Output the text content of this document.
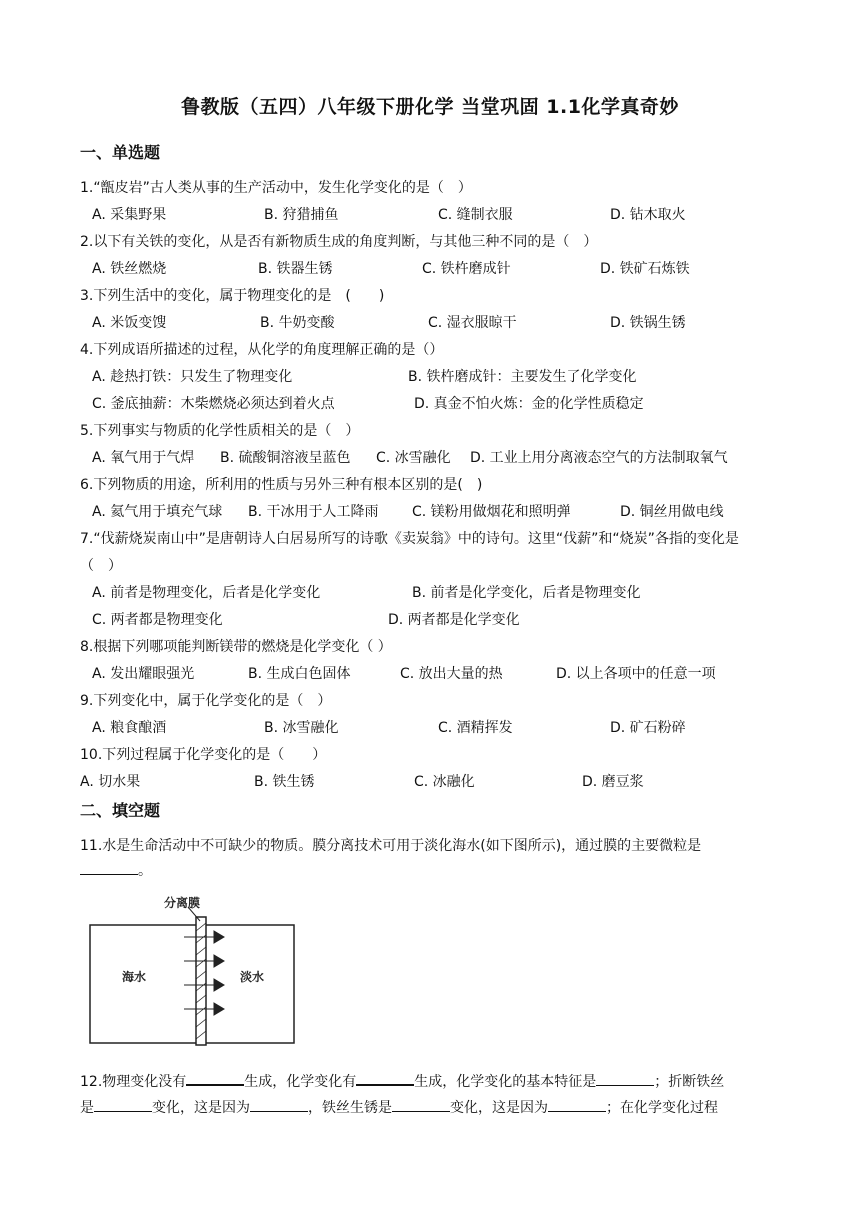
鲁教版（五四）八年级下册化学 当堂巩固 1.1化学真奇妙
一、单选题
1.“甑皮岩”古人类从事的生产活动中，发生化学变化的是（　）
A. 采集野果	B. 狩猎捕鱼	C. 缝制衣服	D. 钻木取火
2.以下有关铁的变化，从是否有新物质生成的角度判断，与其他三种不同的是（　）
A. 铁丝燃烧	B. 铁器生锈	C. 铁杵磨成针	D. 铁矿石炼铁
3.下列生活中的变化，属于物理变化的是　(　　)
A. 米饭变馊	B. 牛奶变酸	C. 湿衣服晾干	D. 铁锅生锈
4.下列成语所描述的过程，从化学的角度理解正确的是（）
A. 趁热打铁：只发生了物理变化	B. 铁杵磨成针：主要发生了化学变化
C. 釜底抽薪：木柴燃烧必须达到着火点	D. 真金不怕火炼：金的化学性质稳定
5.下列事实与物质的化学性质相关的是（　）
A. 氧气用于气焊 B. 硫酸铜溶液呈蓝色 C. 冰雪融化 D. 工业上用分离液态空气的方法制取氧气
6.下列物质的用途，所利用的性质与另外三种有根本区别的是(　)
A. 氦气用于填充气球 B. 干冰用于人工降雨 C. 镁粉用做烟花和照明弹	D. 铜丝用做电线
7.“伐薪烧炭南山中”是唐朝诗人白居易所写的诗歌《卖炭翁》中的诗句。这里“伐薪”和“烧炭”各指的变化是
（　）
A. 前者是物理变化，后者是化学变化	B. 前者是化学变化，后者是物理变化
C. 两者都是物理变化	D. 两者都是化学变化
8.根据下列哪项能判断镁带的燃烧是化学变化（ ）
A. 发出耀眼强光	B. 生成白色固体	C. 放出大量的热	D. 以上各项中的任意一项
9.下列变化中，属于化学变化的是（　）
A. 粮食酿酒	B. 冰雪融化	C. 酒精挥发	D. 矿石粉碎
10.下列过程属于化学变化的是（　　）
A. 切水果	B. 铁生锈	C. 冰融化	D. 磨豆浆
二、填空题
11.水是生命活动中不可缺少的物质。膜分离技术可用于淡化海水(如下图所示)，通过膜的主要微粒是
。
分离膜
海水	淡水
12.物理变化没有	生成，化学变化有	生成，化学变化的基本特征是	；折断铁丝
是	变化，这是因为	，铁丝生锈是	变化，这是因为	；在化学变化过程
